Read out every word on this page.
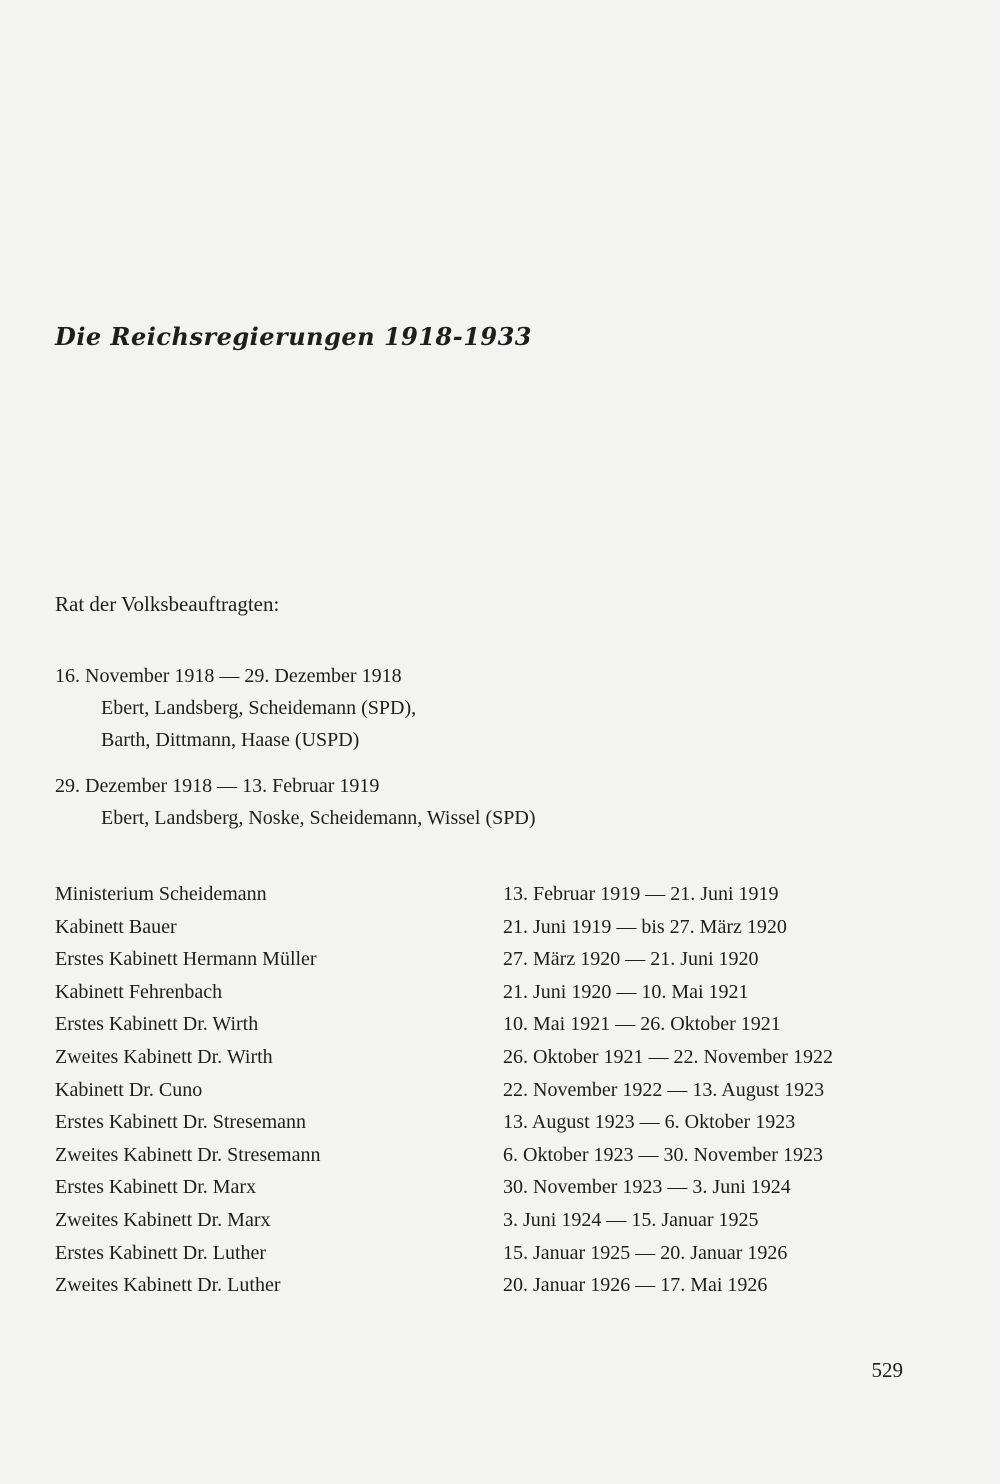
Die Reichsregierungen 1918-1933
Rat der Volksbeauftragten:
16. November 1918 — 29. Dezember 1918
Ebert, Landsberg, Scheidemann (SPD),
Barth, Dittmann, Haase (USPD)
29. Dezember 1918 — 13. Februar 1919
Ebert, Landsberg, Noske, Scheidemann, Wissel (SPD)
Ministerium Scheidemann	13. Februar 1919 — 21. Juni 1919
Kabinett Bauer	21. Juni 1919 — bis 27. März 1920
Erstes Kabinett Hermann Müller	27. März 1920 — 21. Juni 1920
Kabinett Fehrenbach	21. Juni 1920 — 10. Mai 1921
Erstes Kabinett Dr. Wirth	10. Mai 1921 — 26. Oktober 1921
Zweites Kabinett Dr. Wirth	26. Oktober 1921 — 22. November 1922
Kabinett Dr. Cuno	22. November 1922 — 13. August 1923
Erstes Kabinett Dr. Stresemann	13. August 1923 — 6. Oktober 1923
Zweites Kabinett Dr. Stresemann	6. Oktober 1923 — 30. November 1923
Erstes Kabinett Dr. Marx	30. November 1923 — 3. Juni 1924
Zweites Kabinett Dr. Marx	3. Juni 1924 — 15. Januar 1925
Erstes Kabinett Dr. Luther	15. Januar 1925 — 20. Januar 1926
Zweites Kabinett Dr. Luther	20. Januar 1926 — 17. Mai 1926
529
